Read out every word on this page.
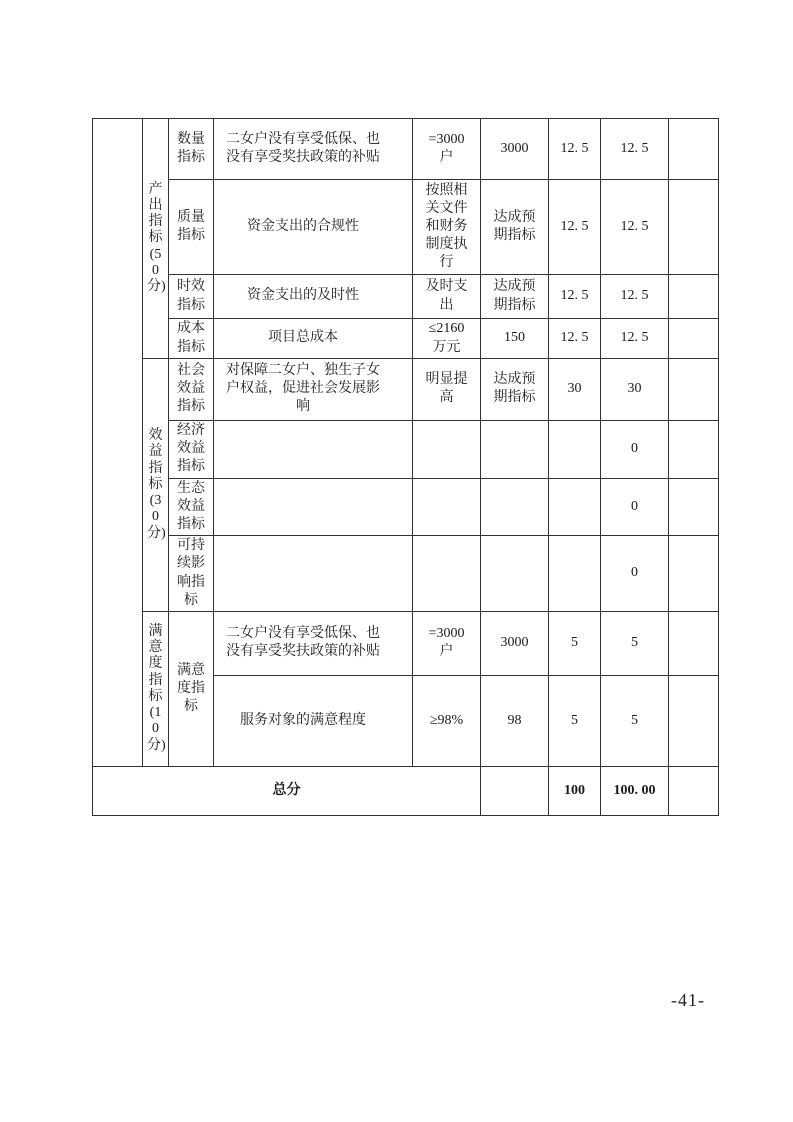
	产出指标(50分)	数量指标	二女户没有享受低保、也没有享受奖扶政策的补贴	=3000户	3000	12. 5	12. 5	

		质量指标	资金支出的合规性	按照相关文件和财务制度执行	达成预期指标	12. 5	12. 5	

		时效指标	资金支出的及时性	及时支出	达成预期指标	12. 5	12. 5	

		成本指标	项目总成本	≤2160万元	150	12. 5	12. 5	

	效益指标(30分)	社会效益指标	对保障二女户、独生子女户权益，促进社会发展影响	明显提高	达成预期指标	30	30	

		经济效益指标					0	

		生态效益指标					0	

		可持续影响指标					0	

	满意度指标(10分)	满意度指标	二女户没有享受低保、也没有享受奖扶政策的补贴	=3000户	3000	5	5	

			服务对象的满意程度	≥98%	98	5	5	
总分						100	100. 00	
-41-
